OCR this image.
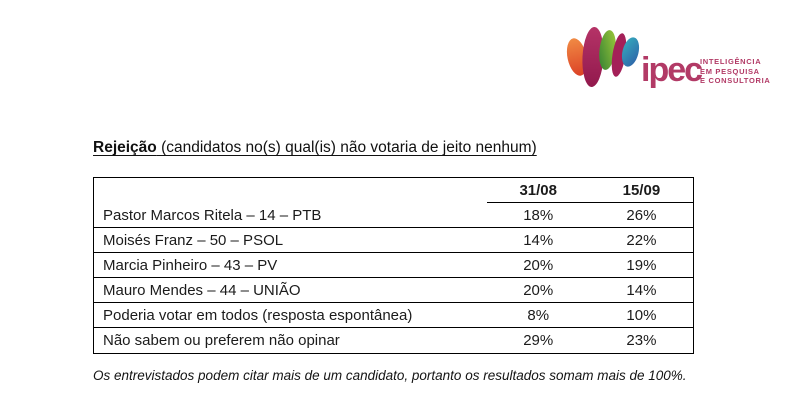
ipec
INTELIGÊNCIA
EM PESQUISA
E CONSULTORIA
Rejeição (candidatos no(s) qual(is) não votaria de jeito nenhum)
	31/08	15/09
Pastor Marcos Ritela – 14 – PTB	18%	26%
Moisés Franz – 50 – PSOL	14%	22%
Marcia Pinheiro – 43 – PV	20%	19%
Mauro Mendes – 44 – UNIÃO	20%	14%
Poderia votar em todos (resposta espontânea)	8%	10%
Não sabem ou preferem não opinar	29%	23%

Os entrevistados podem citar mais de um candidato, portanto os resultados somam mais de 100%.
